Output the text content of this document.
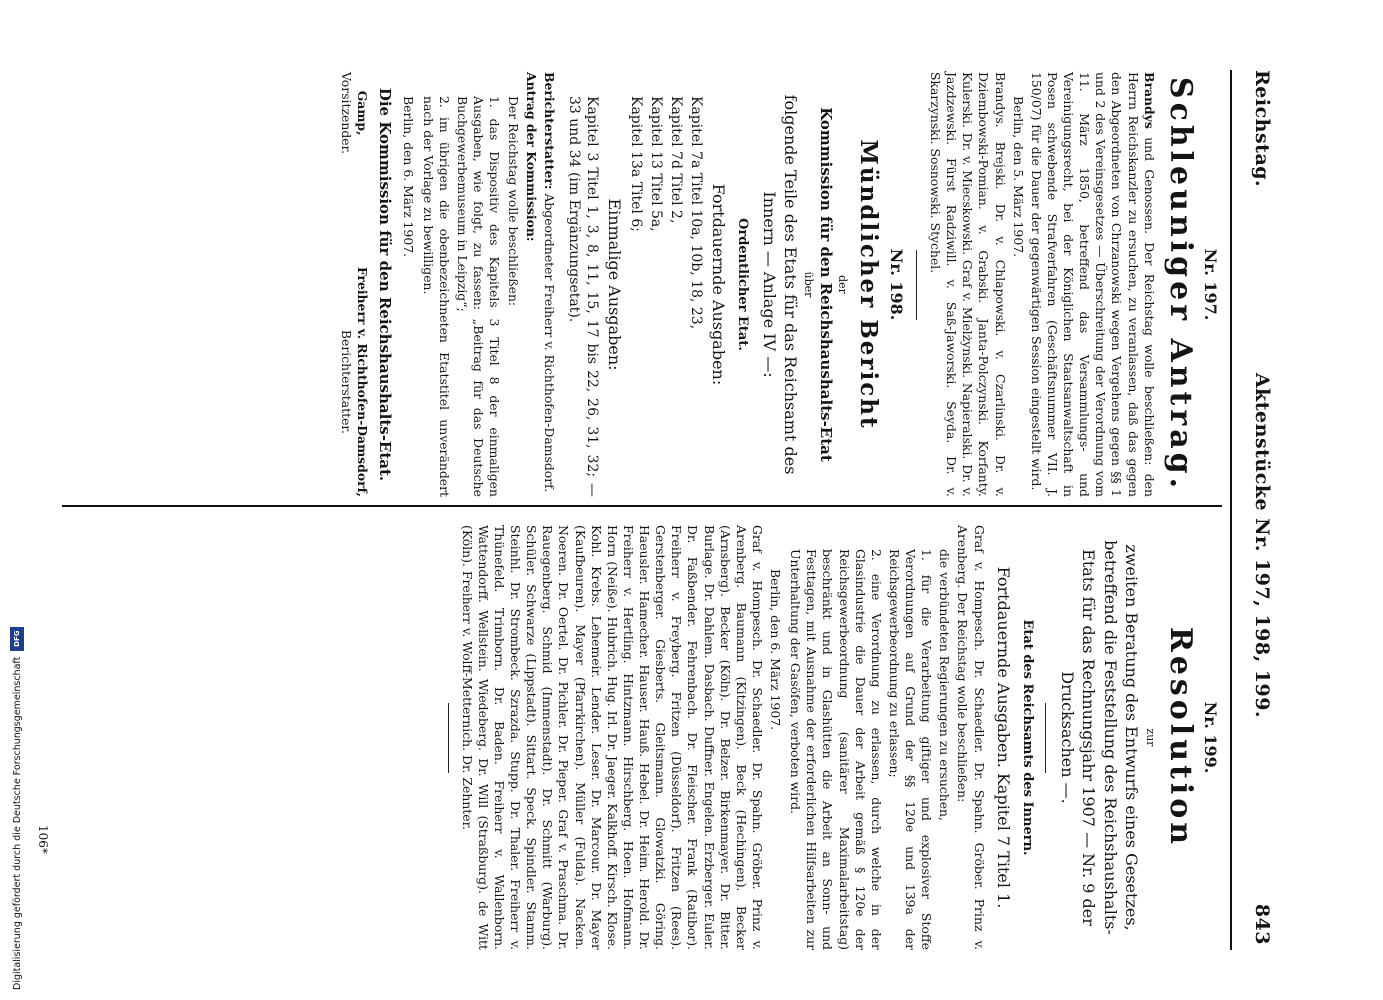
Reichstag.
Aktenstücke Nr. 197, 198, 199.
843
Nr. 197.
Schleuniger Antrag.

Brandys und Genossen. Der Reichstag wolle beschließen: den Herrn Reichskanzler zu ersuchen, zu veranlassen, daß das gegen den Abgeordneten von Chrzanowski wegen Vergehens gegen §§ 1 und 2 des Vereinsgesetzes — Überschreitung der Verordnung vom 11. März 1850, betreffend das Versammlungs- und Vereinigungsrecht, bei der Königlichen Staatsanwaltschaft in Posen schwebende Strafverfahren (Geschäftsnummer VII. J. 150/07) für die Dauer der gegenwärtigen Session eingestellt wird.

Berlin, den 5. März 1907.

Brandys. Brejski. Dr. v. Chlapowski. v. Czarlinski. Dr. v. Dziembowski-Pomian. v. Grabski. Janta-Polczynski. Korfanty. Kulerski. Dr. v. Miecskowski. Graf v. Mielżynski. Napieralski. Dr. v. Jazdzewski. Fürst Radziwill. v. Saß-Jaworski. Seyda. Dr. v. Skarzynski. Sosnowski. Stychel.

Nr. 198.
Mündlicher Bericht
der
Kommission für den Reichshaushalts-Etat
über
folgende Teile des Etats für das Reichsamt des Innern — Anlage IV —:
Ordentlicher Etat.
Fortdauernde Ausgaben:

Kapitel 7a Titel 10a, 10b, 18, 23,

Kapitel 7d Titel 2,

Kapitel 13 Titel 5a,

Kapitel 13a Titel 6;

Einmalige Ausgaben:

Kapitel 3 Titel 1, 3, 8, 11, 15, 17 bis 22, 26, 31, 32; — 33 und 34 (im Ergänzungsetat).

Berichterstatter: Abgeordneter Freiherr v. Richthofen-Damsdorf.

Antrag der Kommission:

Der Reichstag wolle beschließen:

1. das Dispositiv des Kapitels 3 Titel 8 der einmaligen Ausgaben, wie folgt, zu fassen: „Beitrag für das Deutsche Buchgewerbemuseum in Leipzig“;

2. im übrigen die obenbezeichneten Etatstitel unverändert nach der Vorlage zu bewilligen.

Berlin, den 6. März 1907.

Die Kommission für den Reichshaushalts-Etat.
Gamp,
Vorsitzender.
Freiherr v. Richthofen-Damsdorf,
Berichterstatter.
Nr. 199.
Resolution
zur
zweiten Beratung des Entwurfs eines Gesetzes, betreffend die Feststellung des Reichshaushalts-Etats für das Rechnungsjahr 1907 — Nr. 9 der Drucksachen —.
Etat des Reichsamts des Innern.
Fortdauernde Ausgaben. Kapitel 7 Titel 1.

Graf v. Hompesch. Dr. Schaedler. Dr. Spahn. Gröber. Prinz v. Arenberg. Der Reichstag wolle beschließen:

die verbündeten Regierungen zu ersuchen,

1. für die Verarbeitung giftiger und explosiver Stoffe Verordnungen auf Grund der §§ 120e und 139a der Reichsgewerbeordnung zu erlassen;

2. eine Verordnung zu erlassen, durch welche in der Glasindustrie die Dauer der Arbeit gemäß § 120e der Reichsgewerbeordnung (sanitärer Maximalarbeitstag) beschränkt und in Glashütten die Arbeit an Sonn- und Festtagen, mit Ausnahme der erforderlichen Hilfsarbeiten zur Unterhaltung der Gasöfen, verboten wird.

Berlin, den 6. März 1907.

Graf v. Hompesch. Dr. Schaedler. Dr. Spahn. Gröber. Prinz v. Arenberg. Baumann (Kitzingen). Beck (Hechingen). Becker (Arnsberg). Becker (Köln). Dr. Belzer. Birkenmayer. Dr. Bitter. Burlage. Dr. Dahlem. Dasbach. Duffner. Engelen. Erzberger. Euler. Dr. Faßbender. Fehrenbach. Dr. Fleischer. Frank (Ratibor). Freiherr v. Freyberg. Fritzen (Düsseldorf). Fritzen (Rees). Gerstenberger. Giesberts. Gleitsmann. Glowatzki. Göring. Haeusler. Hamecher. Hauser. Hauß. Hebel. Dr. Heim. Herold. Dr. Freiherr v. Hertling. Hintzmann. Hirschberg. Hoen. Hofmann. Horn (Neiße). Hubrich. Hug. Irl. Dr. Jaeger. Kalkhoff. Kirsch. Klose. Kohl. Krebs. Lehemeir. Lender. Leser. Dr. Marcour. Dr. Mayer (Kaufbeuren). Mayer (Pfarrkirchen). Müller (Fulda). Nacken. Noeren. Dr. Oertel. Dr. Pichler. Dr. Pieper. Graf v. Praschma. Dr. Rauegenberg. Schmid (Immenstadt). Dr. Schmitt (Warburg). Schüler. Schwarze (Lippstadt). Sittart. Speck. Spindler. Stamm. Steinhl. Dr. Strombeck. Szrazda. Stupp. Dr. Thaler. Freiherr v. Thünefeld. Trimborn. Dr. Baden. Freiherr v. Wallenborn. Wattendorff. Wellstein. Wiedeberg. Dr. Will (Straßburg). de Witt (Köln). Freiherr v. Wolff-Metternich. Dr. Zehnter.

106*
Digitalisierung gefördert durch die Deutsche Forschungsgemeinschaft
DFG
